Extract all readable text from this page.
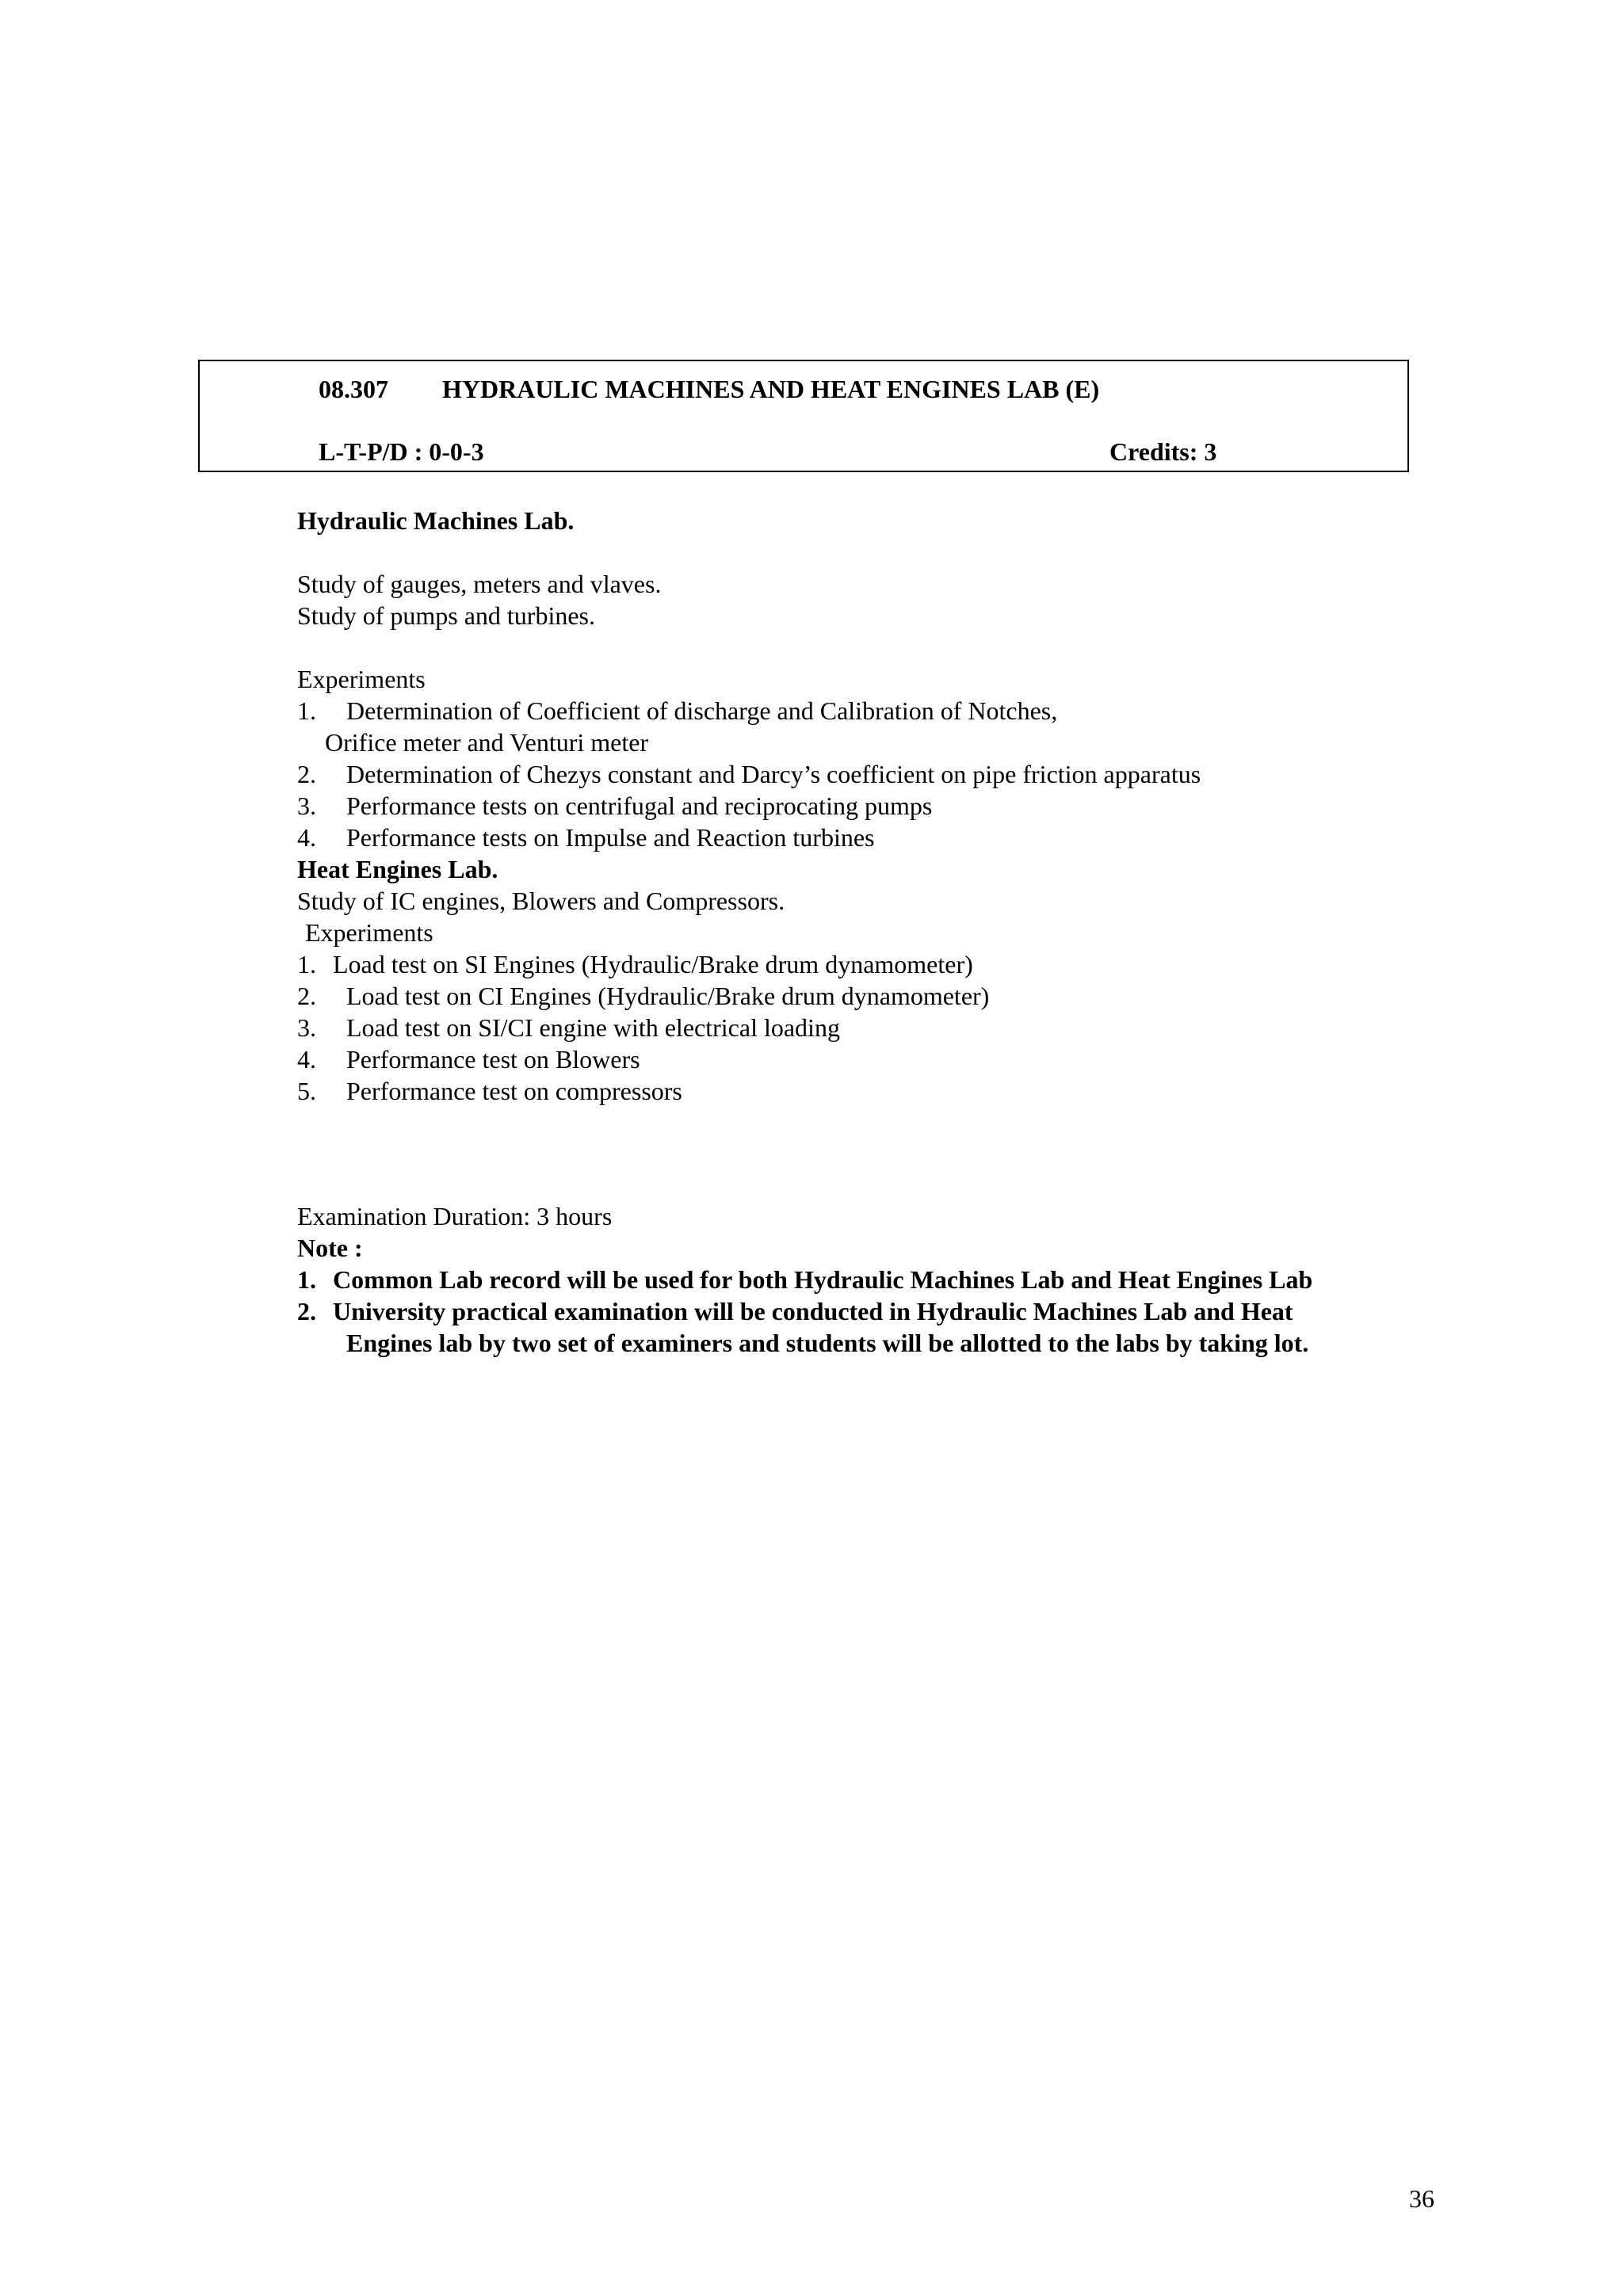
08.307 HYDRAULIC MACHINES AND HEAT ENGINES LAB (E)
L-T-P/D : 0-0-3	Credits: 3
Hydraulic Machines Lab.
Study of gauges, meters and vlaves.
Study of pumps and turbines.
Experiments
1.	Determination of Coefficient of discharge and Calibration of Notches,
Orifice meter and Venturi meter
2.	Determination of Chezys constant and Darcy’s coefficient on pipe friction apparatus
3.	Performance tests on centrifugal and reciprocating pumps
4.	Performance tests on Impulse and Reaction turbines
Heat Engines Lab.
Study of IC engines, Blowers and Compressors.
Experiments
1. Load test on SI Engines (Hydraulic/Brake drum dynamometer)
2.	Load test on CI Engines (Hydraulic/Brake drum dynamometer)
3.	Load test on SI/CI engine with electrical loading
4.	Performance test on Blowers
5.	Performance test on compressors
Examination Duration: 3 hours
Note :
1. Common Lab record will be used for both Hydraulic Machines Lab and Heat Engines Lab
2. University practical examination will be conducted in Hydraulic Machines Lab and Heat
Engines lab by two set of examiners and students will be allotted to the labs by taking lot.
36
